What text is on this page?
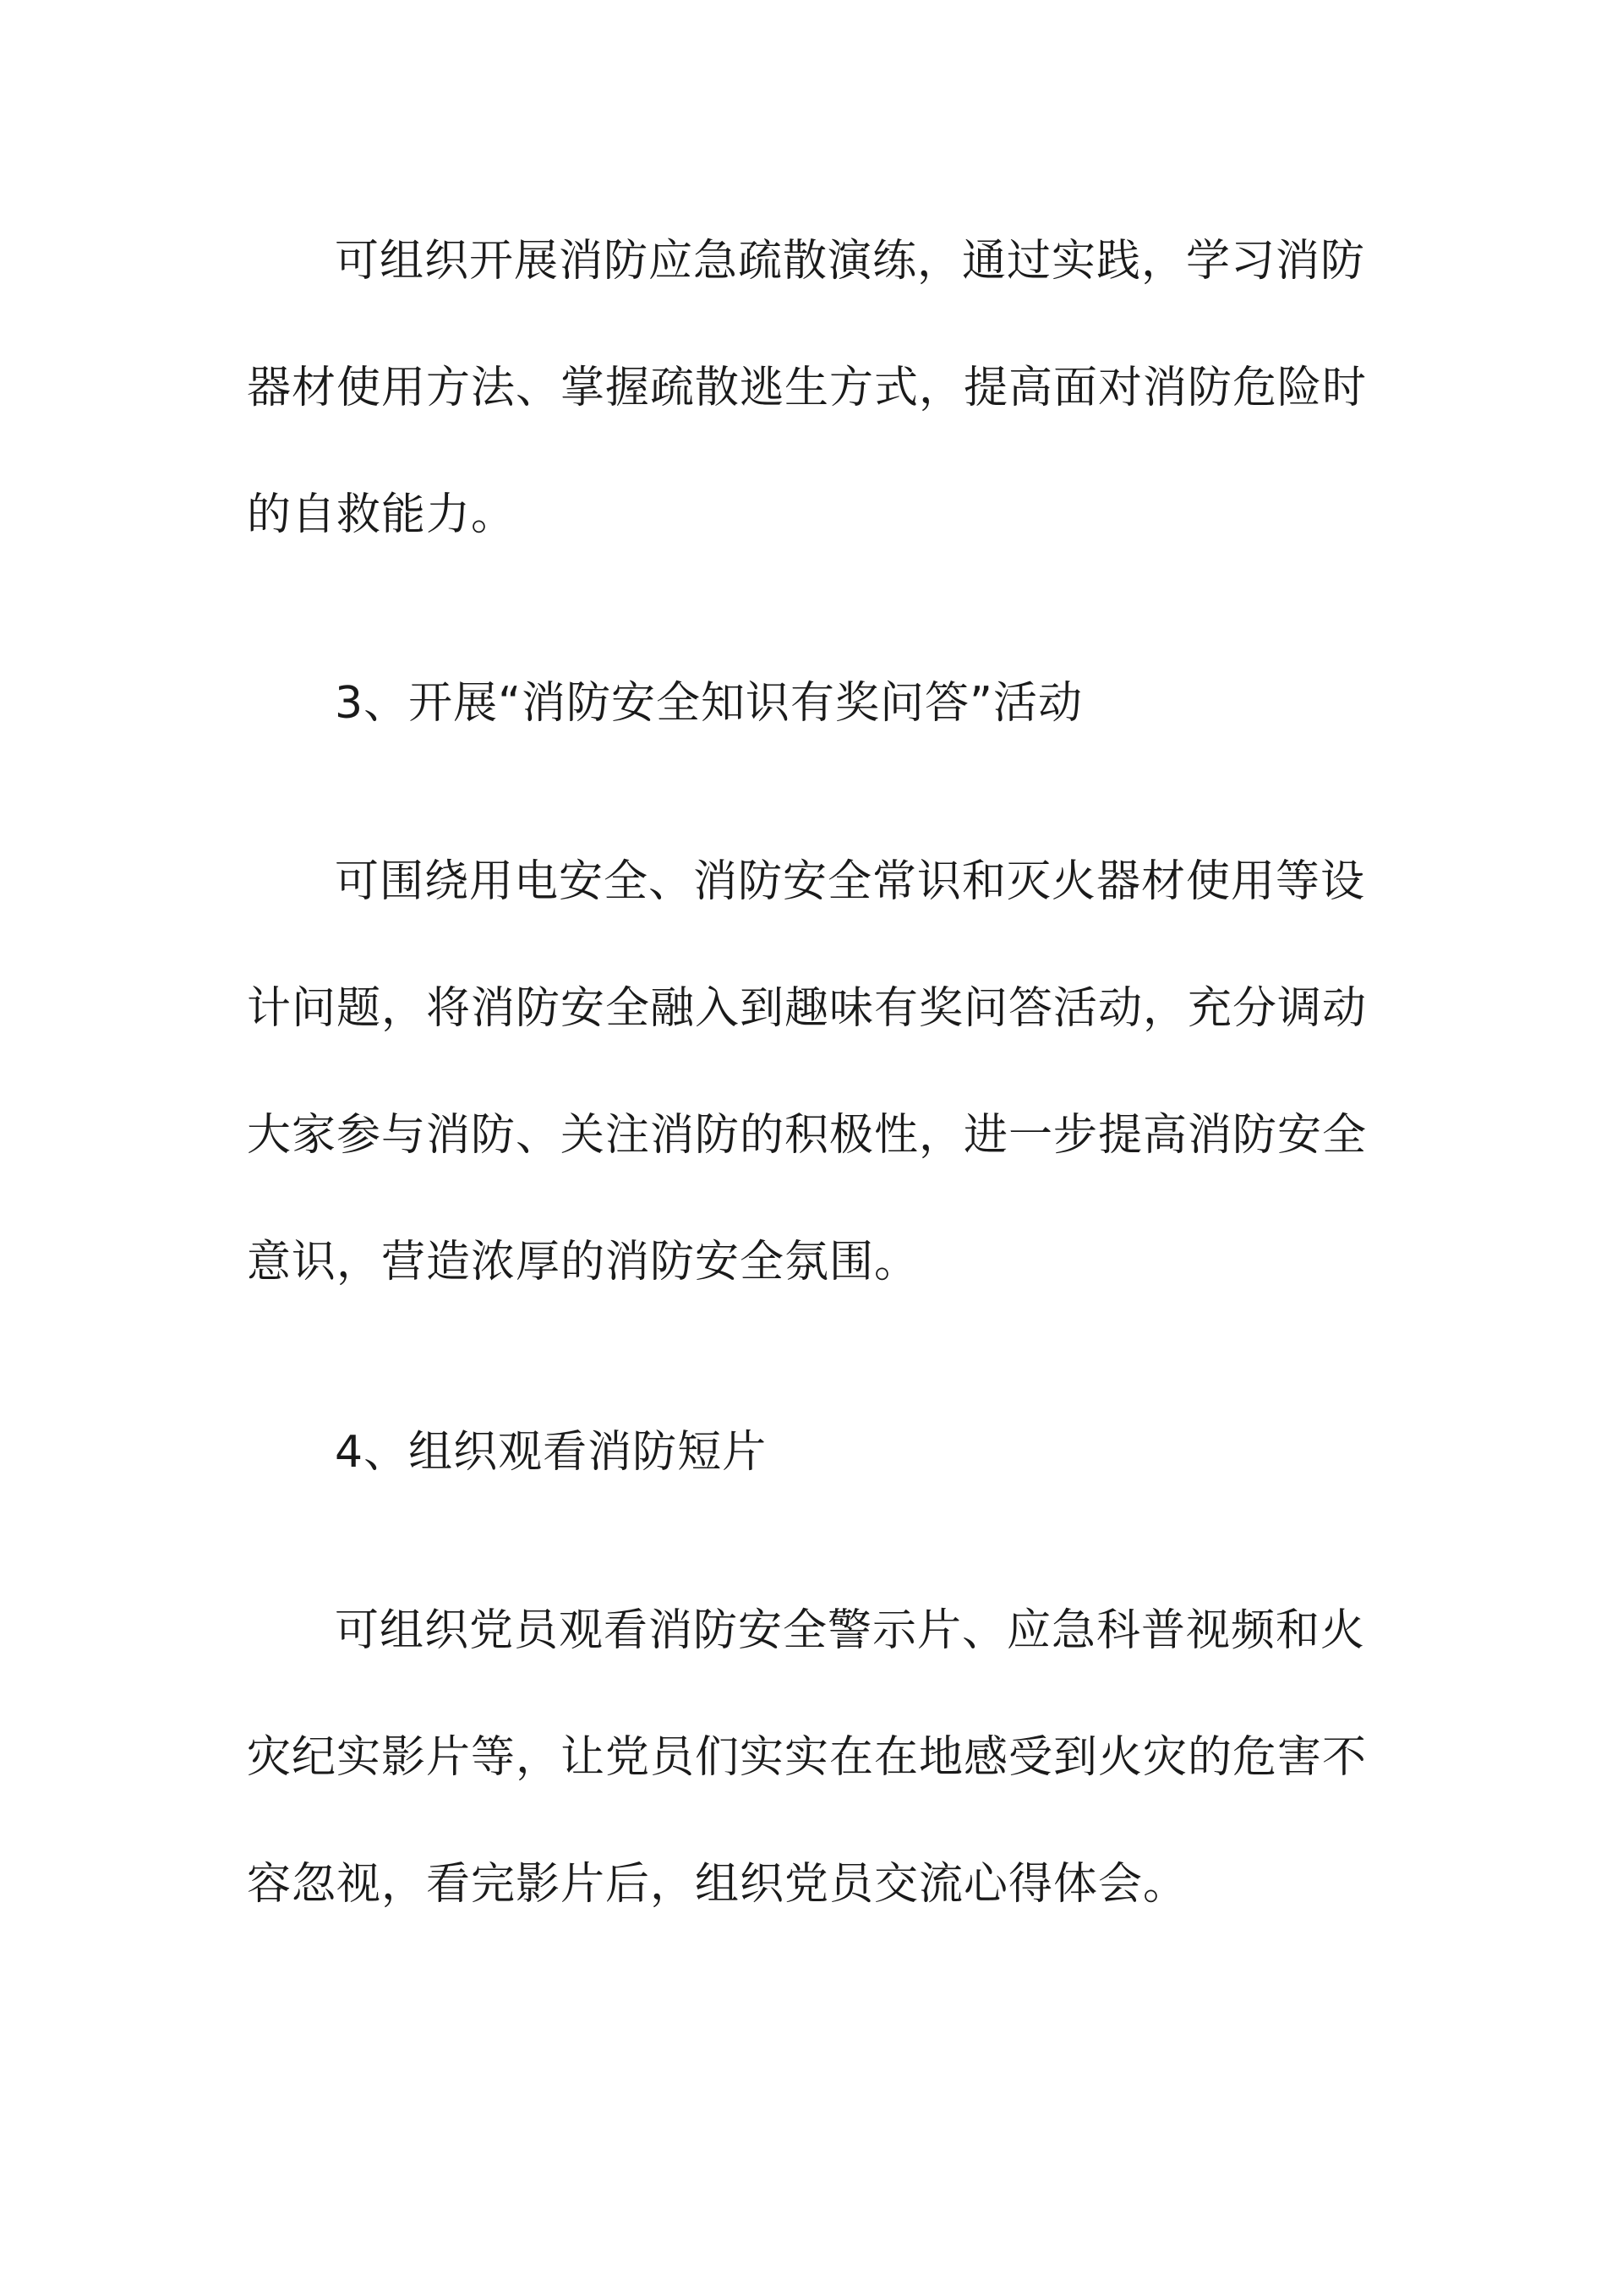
可组织开展消防应急疏散演练，通过实践，学习消防器材使用方法、掌握疏散逃生方式，提高面对消防危险时的自救能力。

3、开展“消防安全知识有奖问答”活动

可围绕用电安全、消防安全常识和灭火器材使用等设计问题，将消防安全融入到趣味有奖问答活动，充分调动大家参与消防、关注消防的积极性，进一步提高消防安全意识，营造浓厚的消防安全氛围。

4、组织观看消防短片

可组织党员观看消防安全警示片、应急科普视频和火灾纪实影片等，让党员们实实在在地感受到火灾的危害不容忽视，看完影片后，组织党员交流心得体会。
